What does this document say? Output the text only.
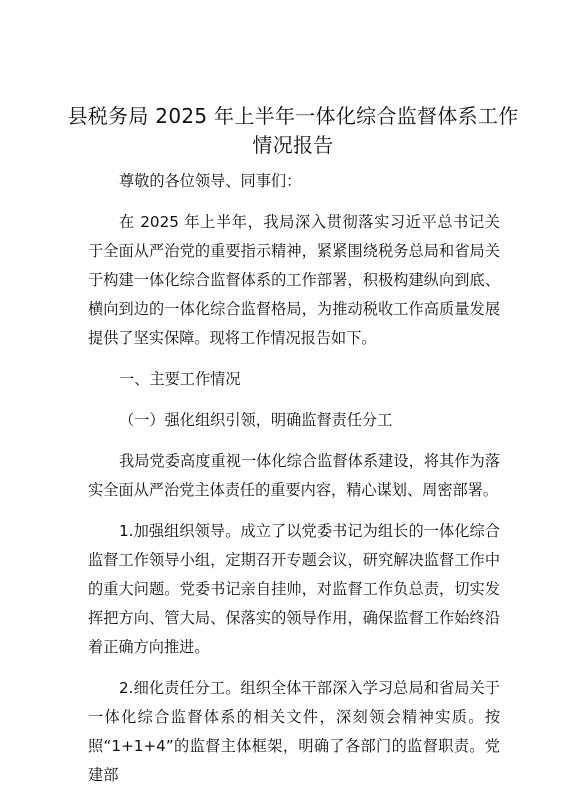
县税务局 2025 年上半年一体化综合监督体系工作情况报告

尊敬的各位领导、同事们：

在 2025 年上半年，我局深入贯彻落实习近平总书记关于全面从严治党的重要指示精神，紧紧围绕税务总局和省局关于构建一体化综合监督体系的工作部署，积极构建纵向到底、横向到边的一体化综合监督格局，为推动税收工作高质量发展提供了坚实保障。现将工作情况报告如下。

一、主要工作情况

（一）强化组织引领，明确监督责任分工

我局党委高度重视一体化综合监督体系建设，将其作为落实全面从严治党主体责任的重要内容，精心谋划、周密部署。

1.加强组织领导。成立了以党委书记为组长的一体化综合监督工作领导小组，定期召开专题会议，研究解决监督工作中的重大问题。党委书记亲自挂帅，对监督工作负总责，切实发挥把方向、管大局、保落实的领导作用，确保监督工作始终沿着正确方向推进。

2.细化责任分工。组织全体干部深入学习总局和省局关于一体化综合监督体系的相关文件，深刻领会精神实质。按照“1+1+4”的监督主体框架，明确了各部门的监督职责。党建部
